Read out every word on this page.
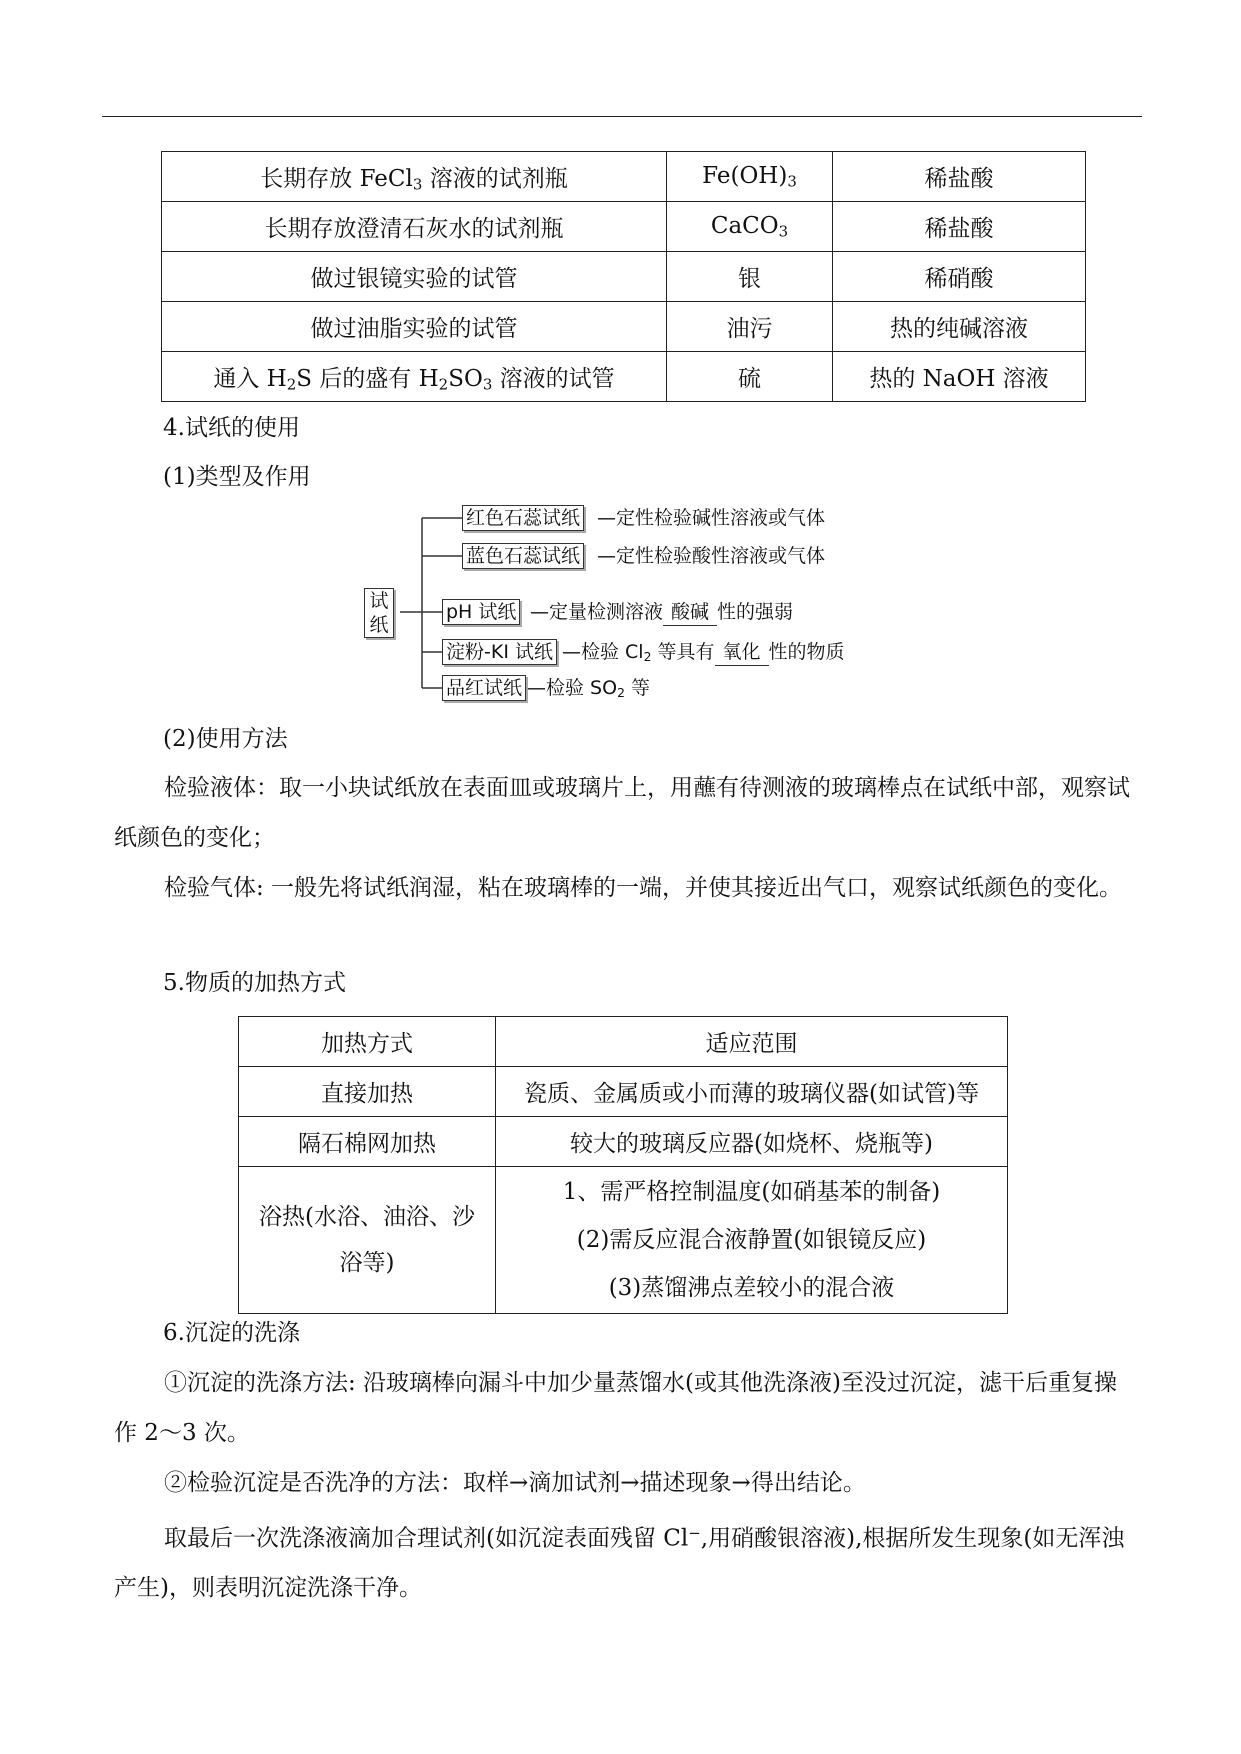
长期存放 FeCl$_3$ 溶液的试剂瓶	$Fe(OH)_3$	稀盐酸
长期存放澄清石灰水的试剂瓶	CaCO$_3$	稀盐酸
做过银镜实验的试管	银	稀硝酸
做过油脂实验的试管	油污	热的纯碱溶液
通入 $H_2S$ 后的盛有 $H_2SO_3$ 溶液的试管	硫	热的 NaOH 溶液
4.试纸的使用
(1)类型及作用
试纸
红色石蕊试纸 —定性检验碱性溶液或气体
蓝色石蕊试纸 —定性检验酸性溶液或气体
pH 试纸 —定量检测溶液 酸碱 性的强弱
淀粉-KI 试纸 —检验 $Cl_2$ 等具有 氧化 性的物质
品红试纸 —检验 $SO_2$ 等
(2)使用方法
检验液体：取一小块试纸放在表面皿或玻璃片上，用蘸有待测液的玻璃棒点在试纸中部，观察试纸颜色的变化；
检验气体: 一般先将试纸润湿，粘在玻璃棒的一端，并使其接近出气口，观察试纸颜色的变化。
5.物质的加热方式
加热方式	适应范围
直接加热	瓷质、金属质或小而薄的玻璃仪器(如试管)等
隔石棉网加热	较大的玻璃反应器(如烧杯、烧瓶等)

浴热(水浴、油浴、沙浴等)	1、需严格控制温度(如硝基苯的制备)
(2)需反应混合液静置(如银镜反应)
(3)蒸馏沸点差较小的混合液
6.沉淀的洗涤
①沉淀的洗涤方法: 沿玻璃棒向漏斗中加少量蒸馏水(或其他洗涤液)至没过沉淀，滤干后重复操作 2～3 次。
②检验沉淀是否洗净的方法：取样→滴加试剂→描述现象→得出结论。
取最后一次洗涤液滴加合理试剂(如沉淀表面残留 Cl−,用硝酸银溶液),根据所发生现象(如无浑浊产生)，则表明沉淀洗涤干净。
